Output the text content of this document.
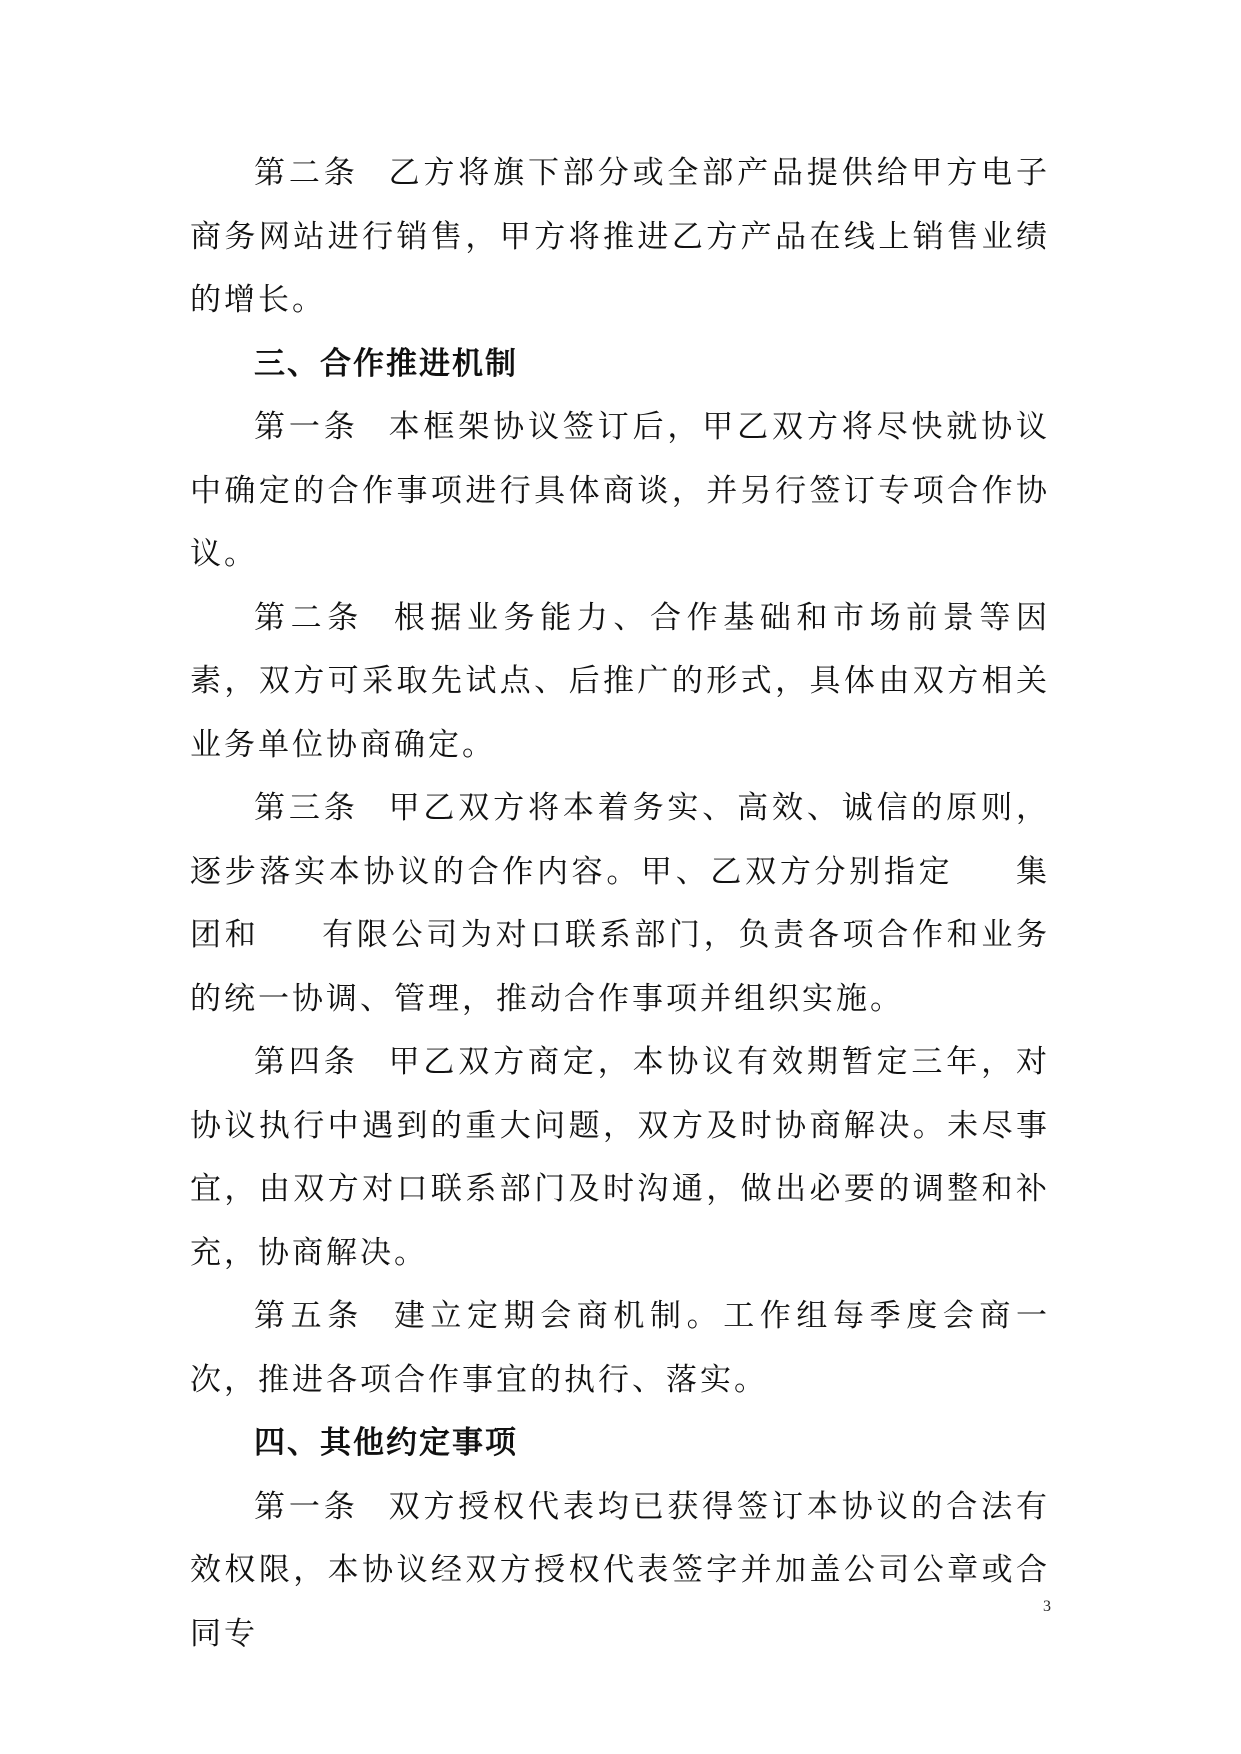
第二条 乙方将旗下部分或全部产品提供给甲方电子商务网站进行销售，甲方将推进乙方产品在线上销售业绩的增长。

三、合作推进机制

第一条 本框架协议签订后，甲乙双方将尽快就协议中确定的合作事项进行具体商谈，并另行签订专项合作协议。

第二条 根据业务能力、合作基础和市场前景等因素，双方可采取先试点、后推广的形式，具体由双方相关业务单位协商确定。

第三条 甲乙双方将本着务实、高效、诚信的原则，逐步落实本协议的合作内容。甲、乙双方分别指定 集团和 有限公司为对口联系部门，负责各项合作和业务的统一协调、管理，推动合作事项并组织实施。

第四条 甲乙双方商定，本协议有效期暂定三年，对协议执行中遇到的重大问题，双方及时协商解决。未尽事宜，由双方对口联系部门及时沟通，做出必要的调整和补充，协商解决。

第五条 建立定期会商机制。工作组每季度会商一次，推进各项合作事宜的执行、落实。

四、其他约定事项

第一条 双方授权代表均已获得签订本协议的合法有效权限，本协议经双方授权代表签字并加盖公司公章或合同专

3
